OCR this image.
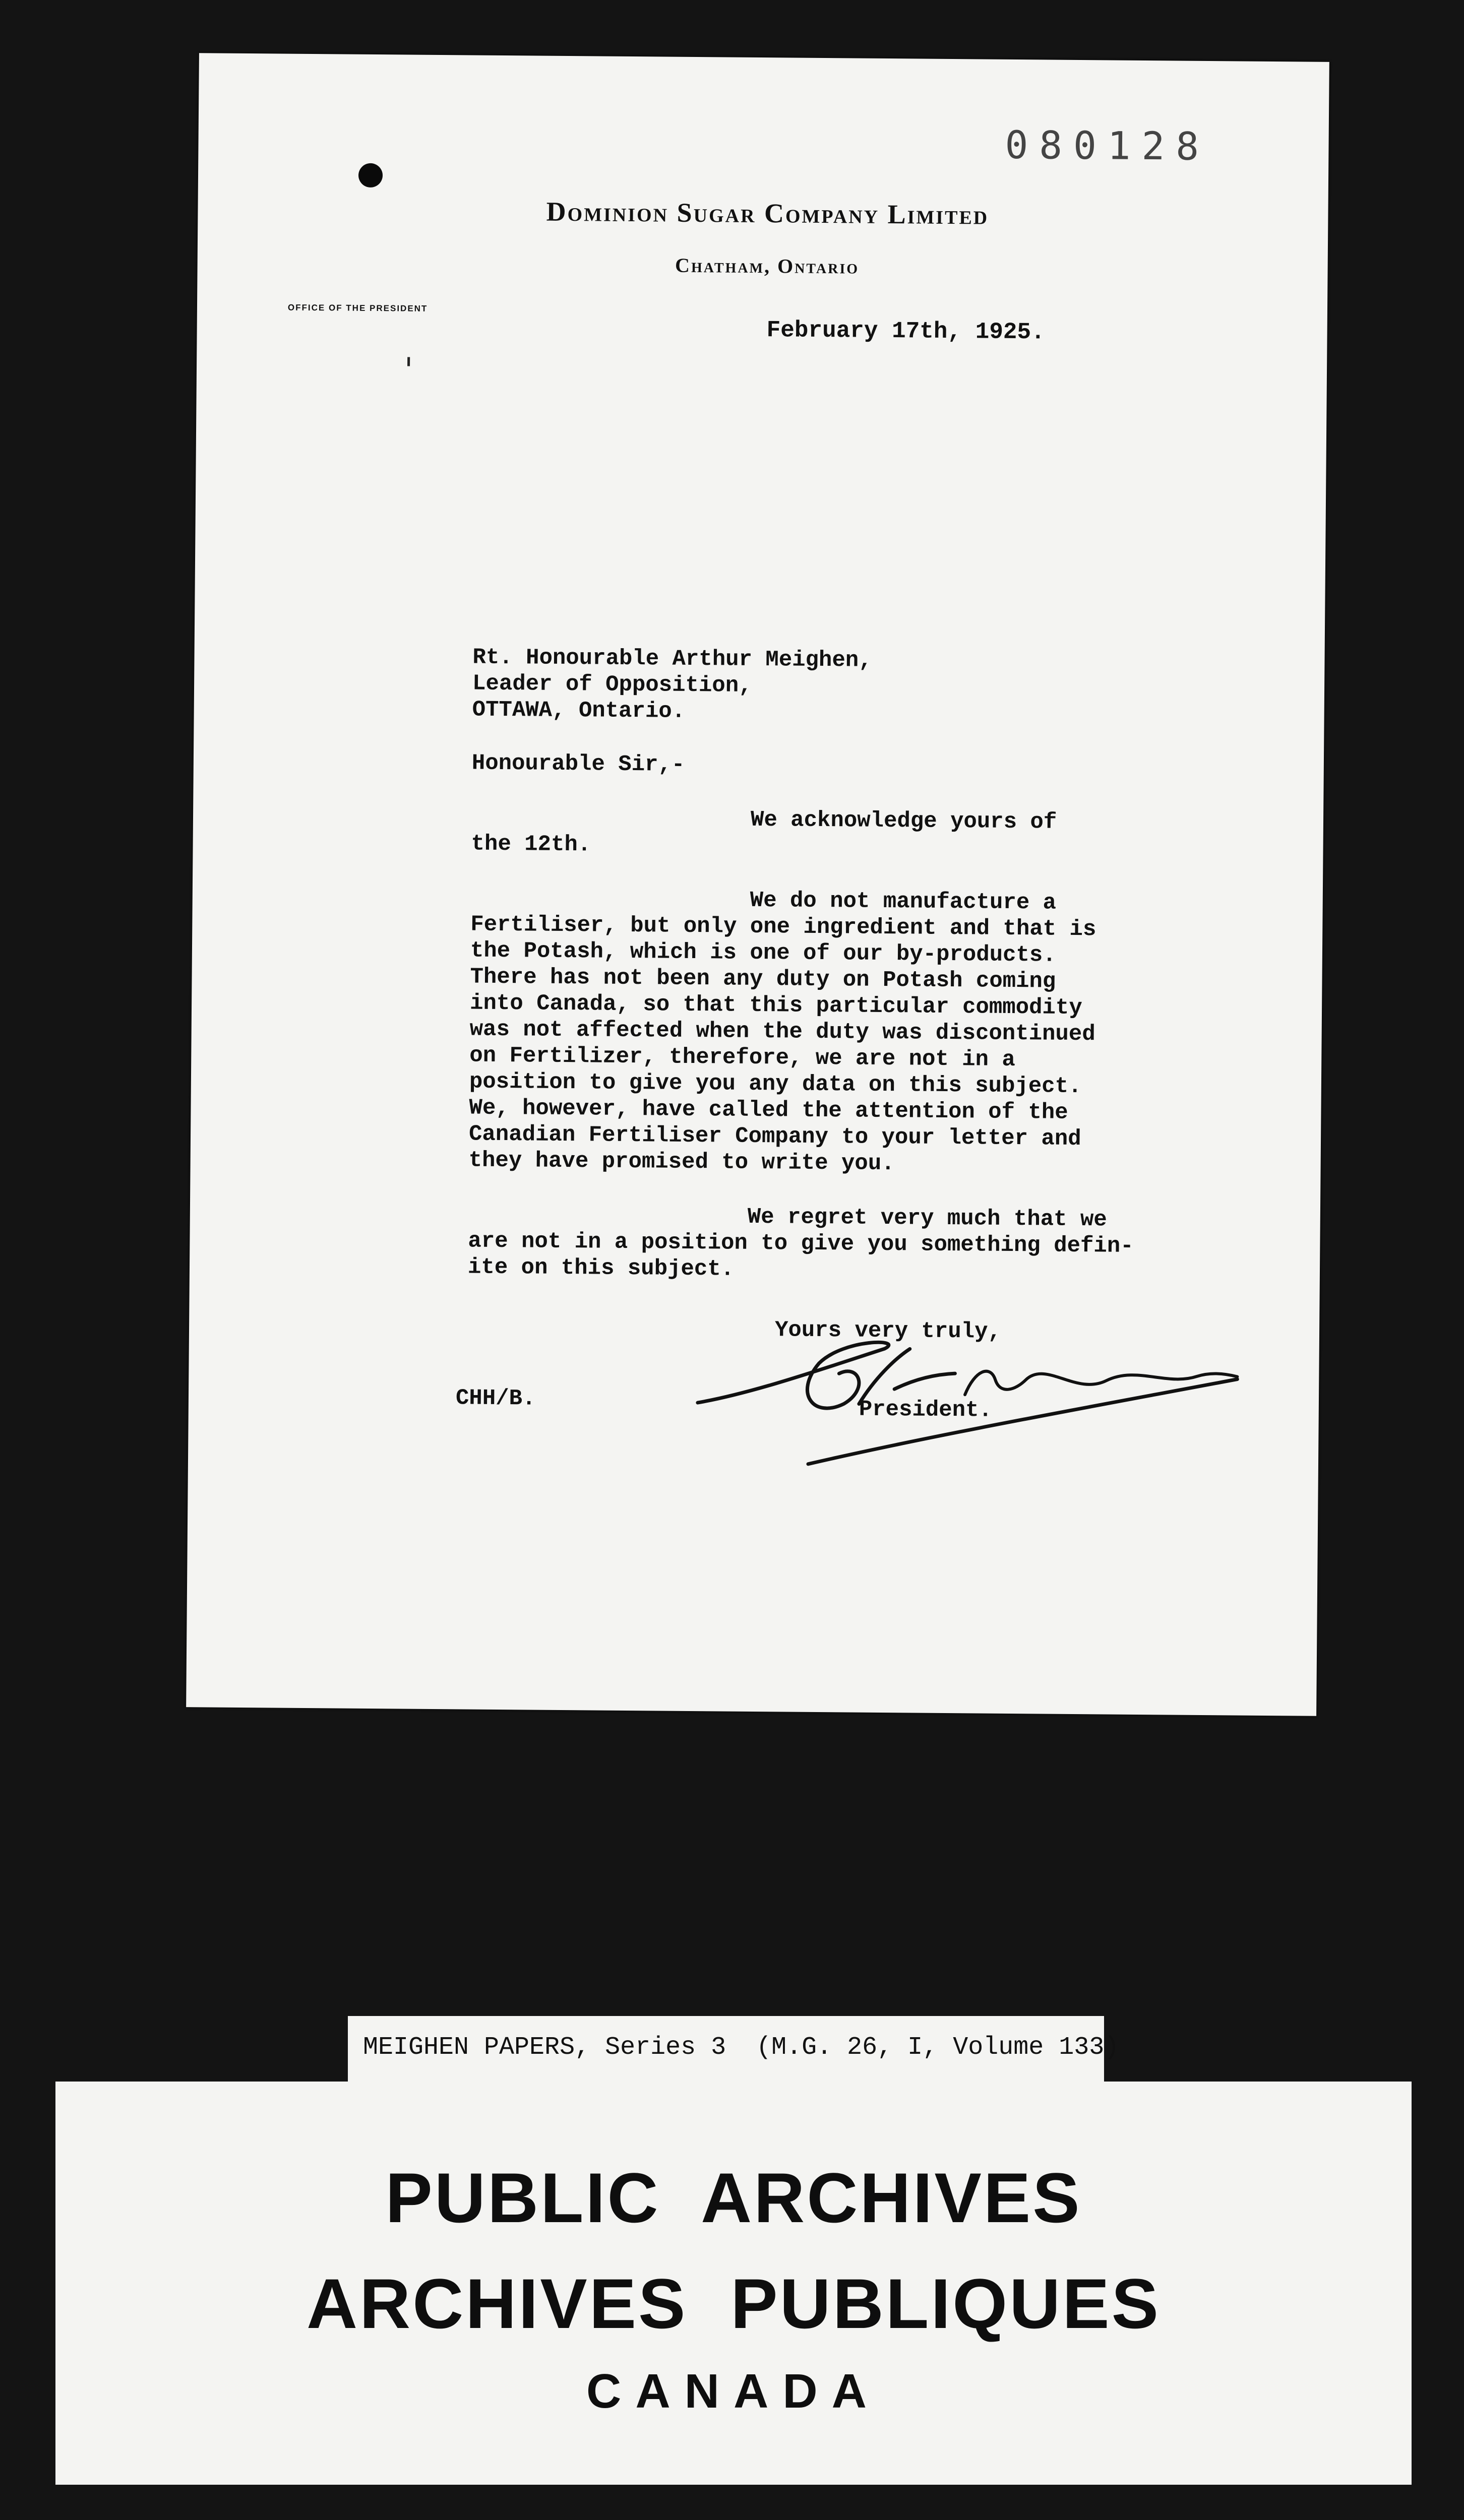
080128
Dominion Sugar Company Limited
Chatham, Ontario
OFFICE OF THE PRESIDENT
February 17th, 1925.
Rt. Honourable Arthur Meighen,
Leader of Opposition,
OTTAWA, Ontario.
Honourable Sir,-
We acknowledge yours of
the 12th.
We do not manufacture a
Fertiliser, but only one ingredient and that is
the Potash, which is one of our by-products.
There has not been any duty on Potash coming
into Canada, so that this particular commodity
was not affected when the duty was discontinued
on Fertilizer, therefore, we are not in a
position to give you any data on this subject.
We, however, have called the attention of the
Canadian Fertiliser Company to your letter and
they have promised to write you.
We regret very much that we
are not in a position to give you something defin-
ite on this subject.
Yours very truly,
President.
CHH/B.
MEIGHEN PAPERS, Series 3  (M.G. 26, I, Volume 133)
PUBLIC  ARCHIVES
ARCHIVES  PUBLIQUES
CANADA
